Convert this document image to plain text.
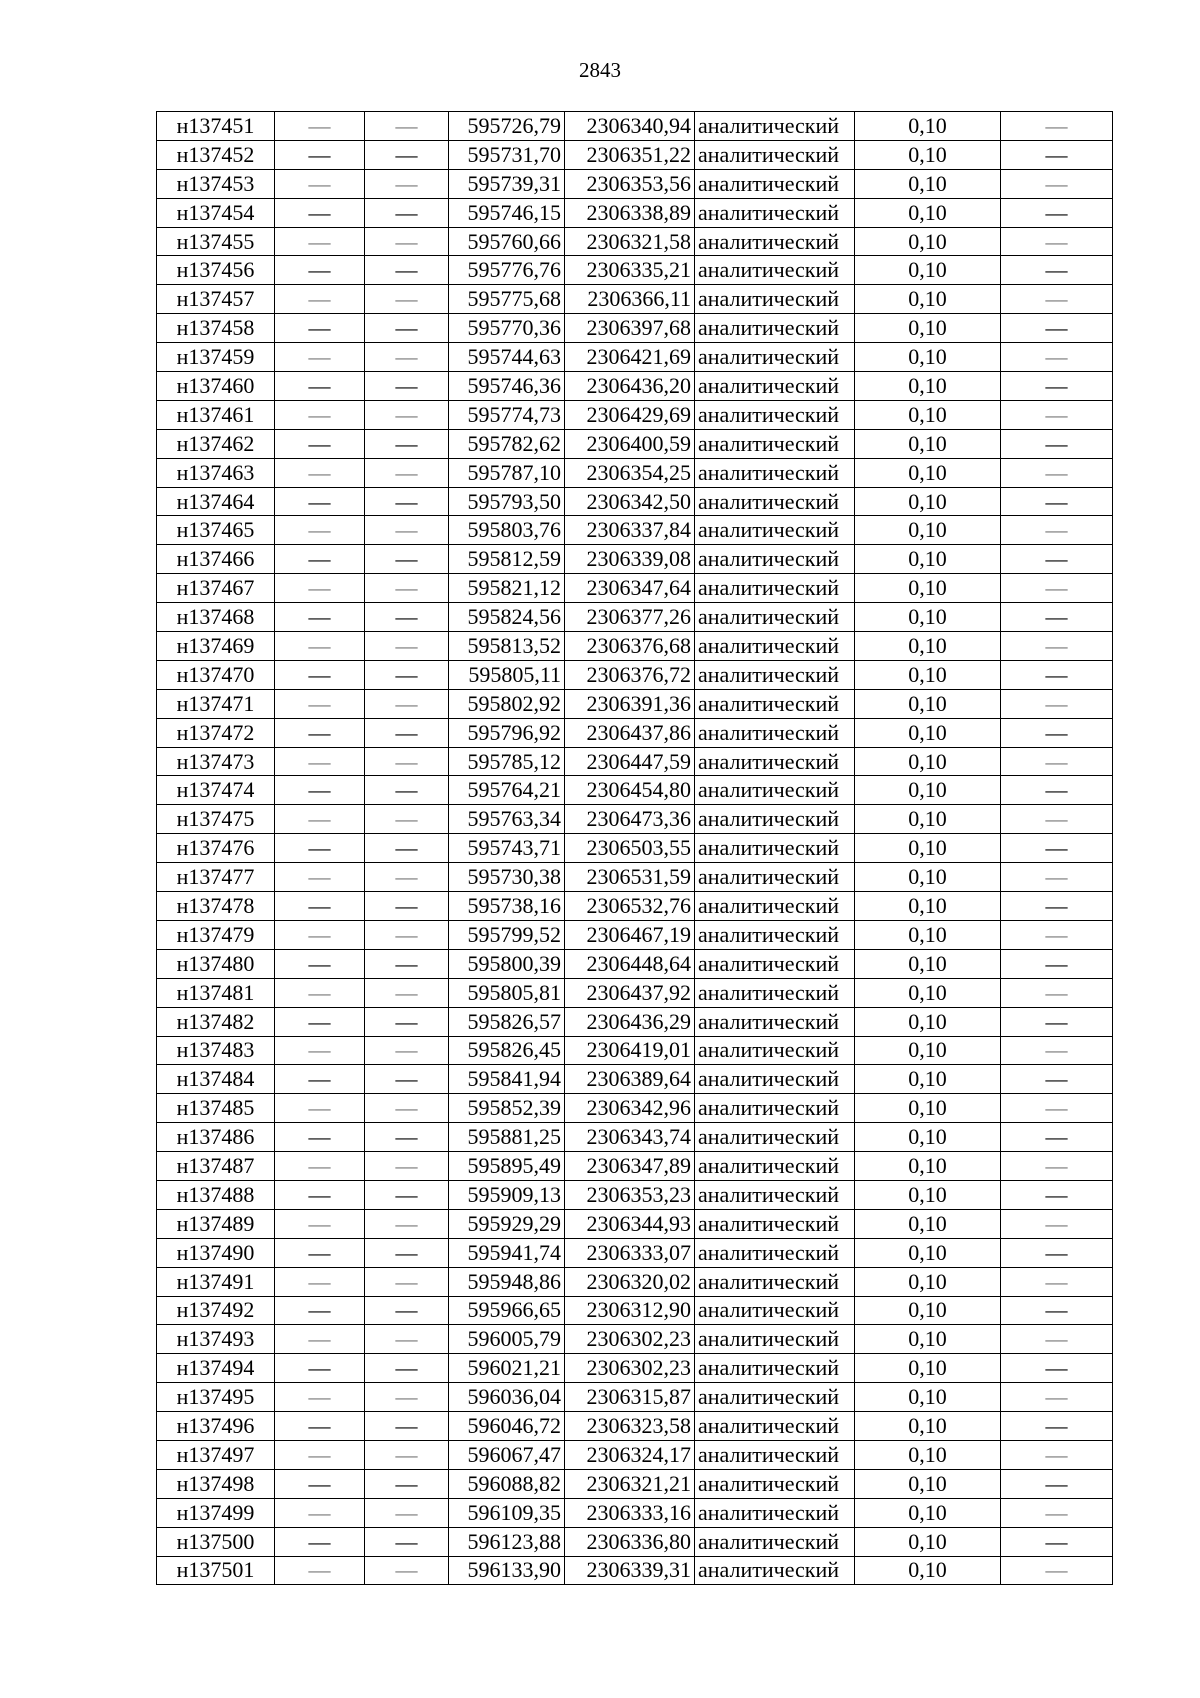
2843
н137451	—	—	595726,79	2306340,94	аналитический	0,10	—
н137452	—	—	595731,70	2306351,22	аналитический	0,10	—
н137453	—	—	595739,31	2306353,56	аналитический	0,10	—
н137454	—	—	595746,15	2306338,89	аналитический	0,10	—
н137455	—	—	595760,66	2306321,58	аналитический	0,10	—
н137456	—	—	595776,76	2306335,21	аналитический	0,10	—
н137457	—	—	595775,68	2306366,11	аналитический	0,10	—
н137458	—	—	595770,36	2306397,68	аналитический	0,10	—
н137459	—	—	595744,63	2306421,69	аналитический	0,10	—
н137460	—	—	595746,36	2306436,20	аналитический	0,10	—
н137461	—	—	595774,73	2306429,69	аналитический	0,10	—
н137462	—	—	595782,62	2306400,59	аналитический	0,10	—
н137463	—	—	595787,10	2306354,25	аналитический	0,10	—
н137464	—	—	595793,50	2306342,50	аналитический	0,10	—
н137465	—	—	595803,76	2306337,84	аналитический	0,10	—
н137466	—	—	595812,59	2306339,08	аналитический	0,10	—
н137467	—	—	595821,12	2306347,64	аналитический	0,10	—
н137468	—	—	595824,56	2306377,26	аналитический	0,10	—
н137469	—	—	595813,52	2306376,68	аналитический	0,10	—
н137470	—	—	595805,11	2306376,72	аналитический	0,10	—
н137471	—	—	595802,92	2306391,36	аналитический	0,10	—
н137472	—	—	595796,92	2306437,86	аналитический	0,10	—
н137473	—	—	595785,12	2306447,59	аналитический	0,10	—
н137474	—	—	595764,21	2306454,80	аналитический	0,10	—
н137475	—	—	595763,34	2306473,36	аналитический	0,10	—
н137476	—	—	595743,71	2306503,55	аналитический	0,10	—
н137477	—	—	595730,38	2306531,59	аналитический	0,10	—
н137478	—	—	595738,16	2306532,76	аналитический	0,10	—
н137479	—	—	595799,52	2306467,19	аналитический	0,10	—
н137480	—	—	595800,39	2306448,64	аналитический	0,10	—
н137481	—	—	595805,81	2306437,92	аналитический	0,10	—
н137482	—	—	595826,57	2306436,29	аналитический	0,10	—
н137483	—	—	595826,45	2306419,01	аналитический	0,10	—
н137484	—	—	595841,94	2306389,64	аналитический	0,10	—
н137485	—	—	595852,39	2306342,96	аналитический	0,10	—
н137486	—	—	595881,25	2306343,74	аналитический	0,10	—
н137487	—	—	595895,49	2306347,89	аналитический	0,10	—
н137488	—	—	595909,13	2306353,23	аналитический	0,10	—
н137489	—	—	595929,29	2306344,93	аналитический	0,10	—
н137490	—	—	595941,74	2306333,07	аналитический	0,10	—
н137491	—	—	595948,86	2306320,02	аналитический	0,10	—
н137492	—	—	595966,65	2306312,90	аналитический	0,10	—
н137493	—	—	596005,79	2306302,23	аналитический	0,10	—
н137494	—	—	596021,21	2306302,23	аналитический	0,10	—
н137495	—	—	596036,04	2306315,87	аналитический	0,10	—
н137496	—	—	596046,72	2306323,58	аналитический	0,10	—
н137497	—	—	596067,47	2306324,17	аналитический	0,10	—
н137498	—	—	596088,82	2306321,21	аналитический	0,10	—
н137499	—	—	596109,35	2306333,16	аналитический	0,10	—
н137500	—	—	596123,88	2306336,80	аналитический	0,10	—
н137501	—	—	596133,90	2306339,31	аналитический	0,10	—
